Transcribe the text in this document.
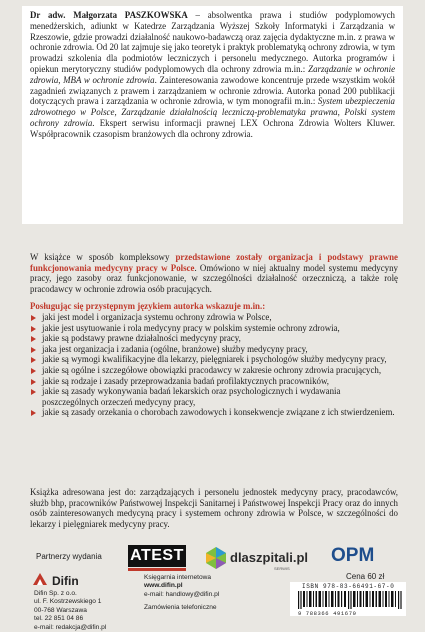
Dr adw. Małgorzata PASZKOWSKA – absolwentka prawa i studiów podyplomowych menedżerskich, adiunkt w Katedrze Zarządzania Wyższej Szkoły Informatyki i Zarządzania w Rzeszowie, gdzie prowadzi działalność naukowo-badawczą oraz zajęcia dydaktyczne m.in. z prawa w ochronie zdrowia. Od 20 lat zajmuje się jako teoretyk i praktyk problematyką ochrony zdrowia, w tym prowadzi szkolenia dla podmiotów leczniczych i personelu medycznego. Autorka programów i opiekun merytoryczny studiów podyplomowych dla ochrony zdrowia m.in.: Zarządzanie w ochronie zdrowia, MBA w ochronie zdrowia. Zainteresowania zawodowe koncentruje przede wszystkim wokół zagadnień związanych z prawem i zarządzaniem w ochronie zdrowia. Autorka ponad 200 publikacji dotyczących prawa i zarządzania w ochronie zdrowia, w tym monografii m.in.: System ubezpieczenia zdrowotnego w Polsce, Zarządzanie działalnością leczniczą-problematyka prawna, Polski system ochrony zdrowia. Ekspert serwisu informacji prawnej LEX Ochrona Zdrowia Wolters Kluwer. Współpracownik czasopism branżowych dla ochrony zdrowia.
W książce w sposób kompleksowy przedstawione zostały organizacja i podstawy prawne funkcjonowania medycyny pracy w Polsce. Omówiono w niej aktualny model systemu medycyny pracy, jego zasoby oraz funkcjonowanie, w szczególności działalność orzeczniczą, a także rolę pracodawcy w ochronie zdrowia osób pracujących.
Posługując się przystępnym językiem autorka wskazuje m.in.:
jaki jest model i organizacja systemu ochrony zdrowia w Polsce,
jakie jest usytuowanie i rola medycyny pracy w polskim systemie ochrony zdrowia,
jakie są podstawy prawne działalności medycyny pracy,
jaka jest organizacja i zadania (ogólne, branżowe) służby medycyny pracy,
jakie są wymogi kwalifikacyjne dla lekarzy, pielęgniarek i psychologów służby medycyny pracy,
jakie są ogólne i szczegółowe obowiązki pracodawcy w zakresie ochrony zdrowia pracujących,
jakie są rodzaje i zasady przeprowadzania badań profilaktycznych pracowników,
jakie są zasady wykonywania badań lekarskich oraz psychologicznych i wydawania poszczególnych orzeczeń medycyny pracy,
jakie są zasady orzekania o chorobach zawodowych i konsekwencje związane z ich stwierdzeniem.
Książka adresowana jest do: zarządzających i personelu jednostek medycyny pracy, pracodawców, służb bhp, pracowników Państwowej Inspekcji Sanitarnej i Państwowej Inspekcji Pracy oraz do innych osób zainteresowanych medycyną pracy i systemem ochrony zdrowia w Polsce, w szczególności do lekarzy i pielęgniarek medycyny pracy.
Partnerzy wydania ATEST	dlaszpitali.pl
SERWIS
OPM
Cena 60 zł
Difin
Difin Sp. z o.o.
ul. F. Kostrzewskiego 1
00-768 Warszawa
tel. 22 851 04 86
e-mail: redakcja@difin.pl
Księgarnia internetowa
www.difin.pl
e-mail: handlowy@difin.pl
Zamówienia telefoniczne
ISBN 978-83-66491-67-0
9 788366 491670
